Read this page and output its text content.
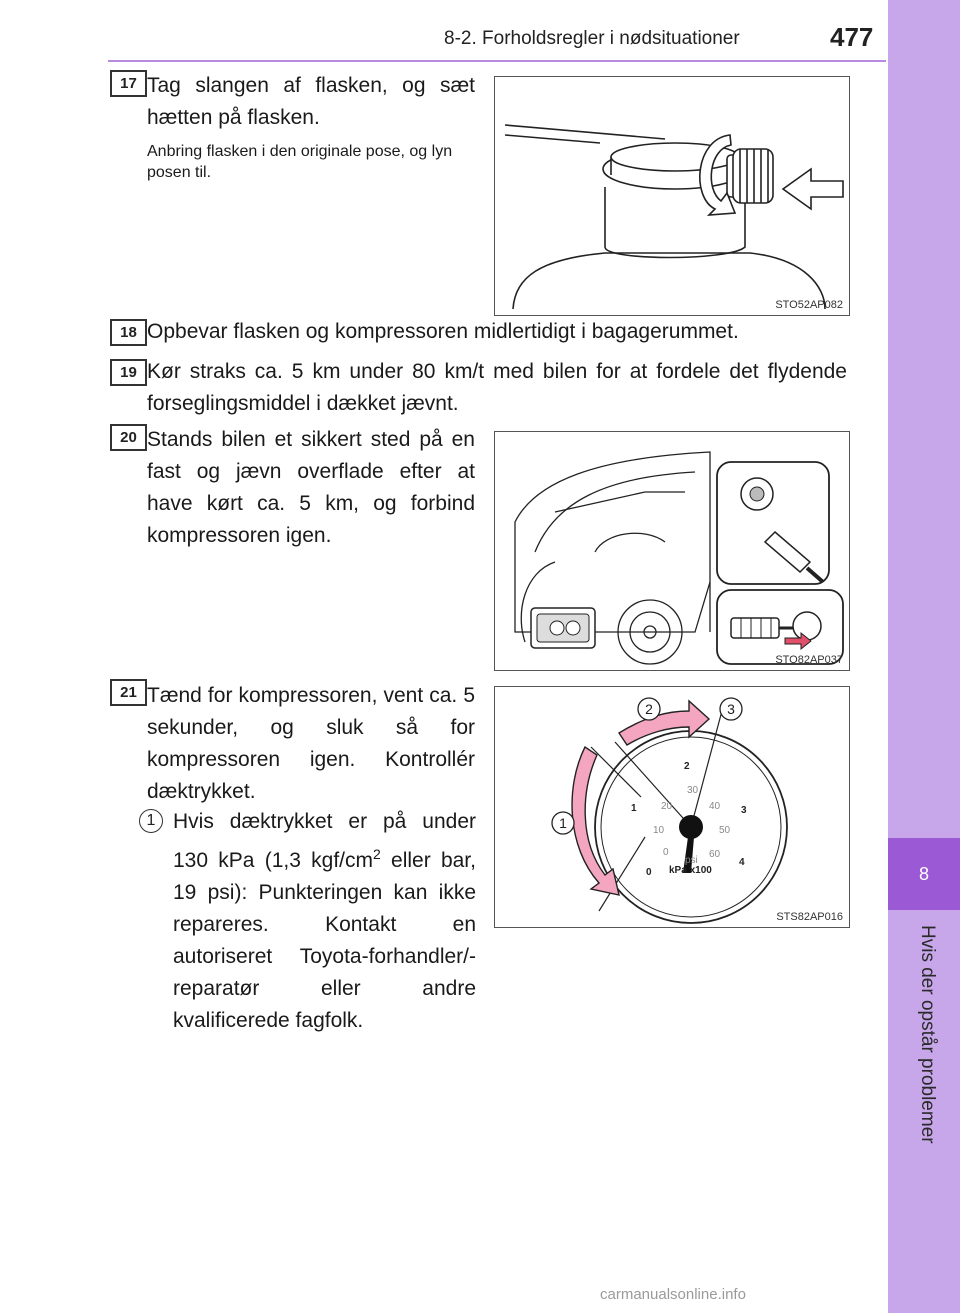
8-2. Forholdsregler i nødsituationer	477
8
Hvis der opstår problemer
17 Tag slangen af flasken, og sæt hætten på flasken.
Anbring flasken i den originale pose, og lyn posen til.
STO52AP082
18 Opbevar flasken og kompressoren midlertidigt i bagagerummet.
19 Kør straks ca. 5 km under 80 km/t med bilen for at fordele det flydende forseglingsmiddel i dækket jævnt.
20 Stands bilen et sikkert sted på en fast og jævn overflade efter at have kørt ca. 5 km, og forbind kompressoren igen.
STO82AP037
21 Tænd for kompressoren, vent ca. 5 sekunder, og sluk så for kompressoren igen. Kontrollér dæktrykket.
1 Hvis dæktrykket er på under 130 kPa (1,3 kgf/$cm^2$ eller bar, 19 psi): Punkteringen kan ikke repareres. Kontakt en autoriseret Toyota-forhandler/-reparatør eller andre kvalificerede fagfolk.
0
1
2
3
4
0
10
20
30
40
50
60
psi
kPa x100
1
2	3
STS82AP016
carmanualsonline.info
